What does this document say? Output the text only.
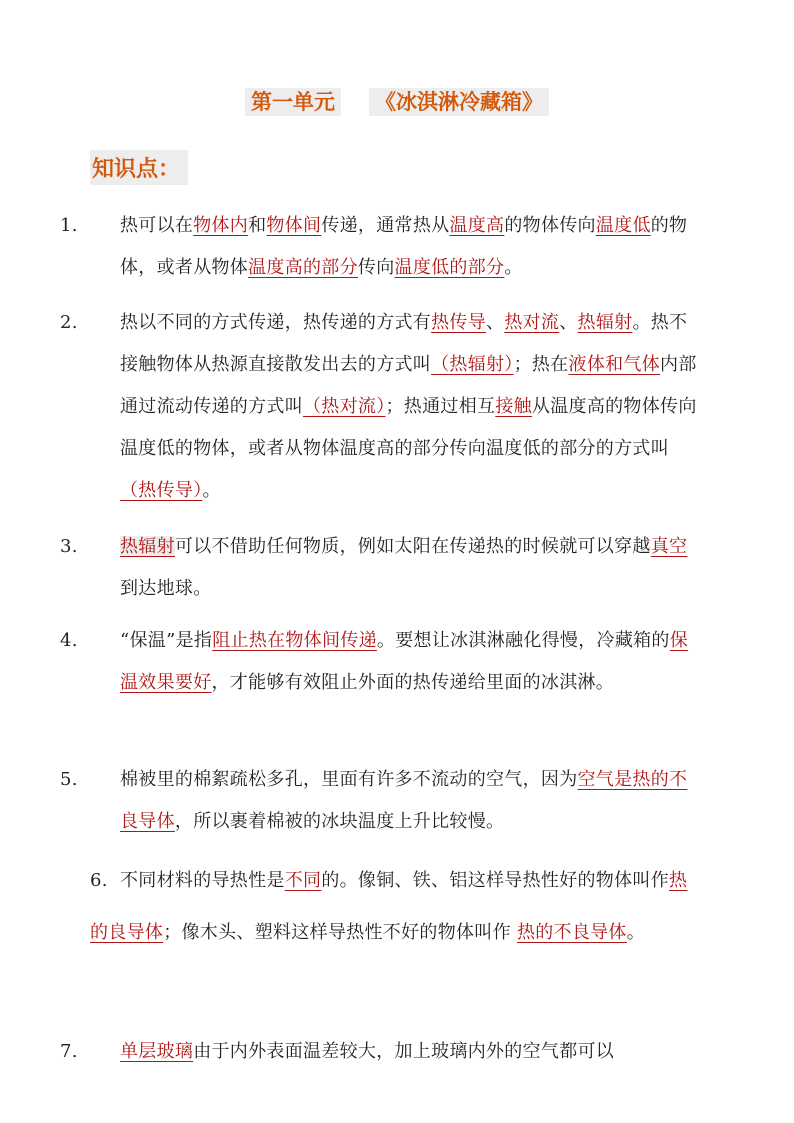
第一单元 《冰淇淋冷藏箱》
知识点：
1. 热可以在物体内和物体间传递，通常热从温度高的物体传向温度低的物体，或者从物体温度高的部分传向温度低的部分。
2. 热以不同的方式传递，热传递的方式有热传导、热对流、热辐射。热不接触物体从热源直接散发出去的方式叫（热辐射）；热在液体和气体内部通过流动传递的方式叫（热对流）；热通过相互接触从温度高的物体传向温度低的物体，或者从物体温度高的部分传向温度低的部分的方式叫 （热传导）。
3. 热辐射可以不借助任何物质，例如太阳在传递热的时候就可以穿越真空到达地球。
4. “保温”是指阻止热在物体间传递。要想让冰淇淋融化得慢，冷藏箱的保温效果要好，才能够有效阻止外面的热传递给里面的冰淇淋。
5. 棉被里的棉絮疏松多孔，里面有许多不流动的空气，因为空气是热的不良导体，所以裹着棉被的冰块温度上升比较慢。
6. 不同材料的导热性是不同的。像铜、铁、铝这样导热性好的物体叫作热的良导体；像木头、塑料这样导热性不好的物体叫作 热的不良导体。
7. 单层玻璃由于内外表面温差较大，加上玻璃内外的空气都可以
